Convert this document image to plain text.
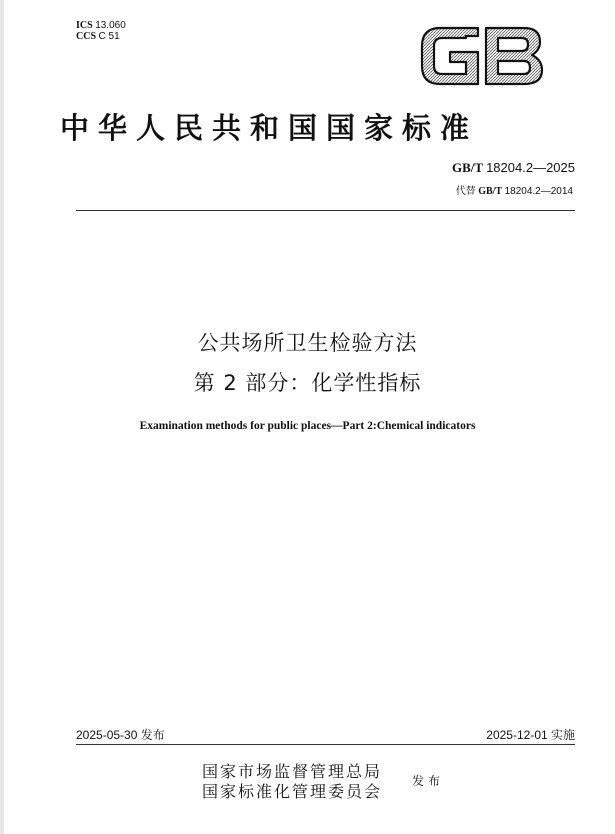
ICS 13.060
CCS C 51
GB
中华人民共和国国家标准
GB/T 18204.2—2025
代替 GB/T 18204.2—2014
公共场所卫生检验方法
第 2 部分：化学性指标
Examination methods for public places—Part 2:Chemical indicators
2025-05-30 发布	2025-12-01 实施
国家市场监督管理总局
国家标准化管理委员会
发布
